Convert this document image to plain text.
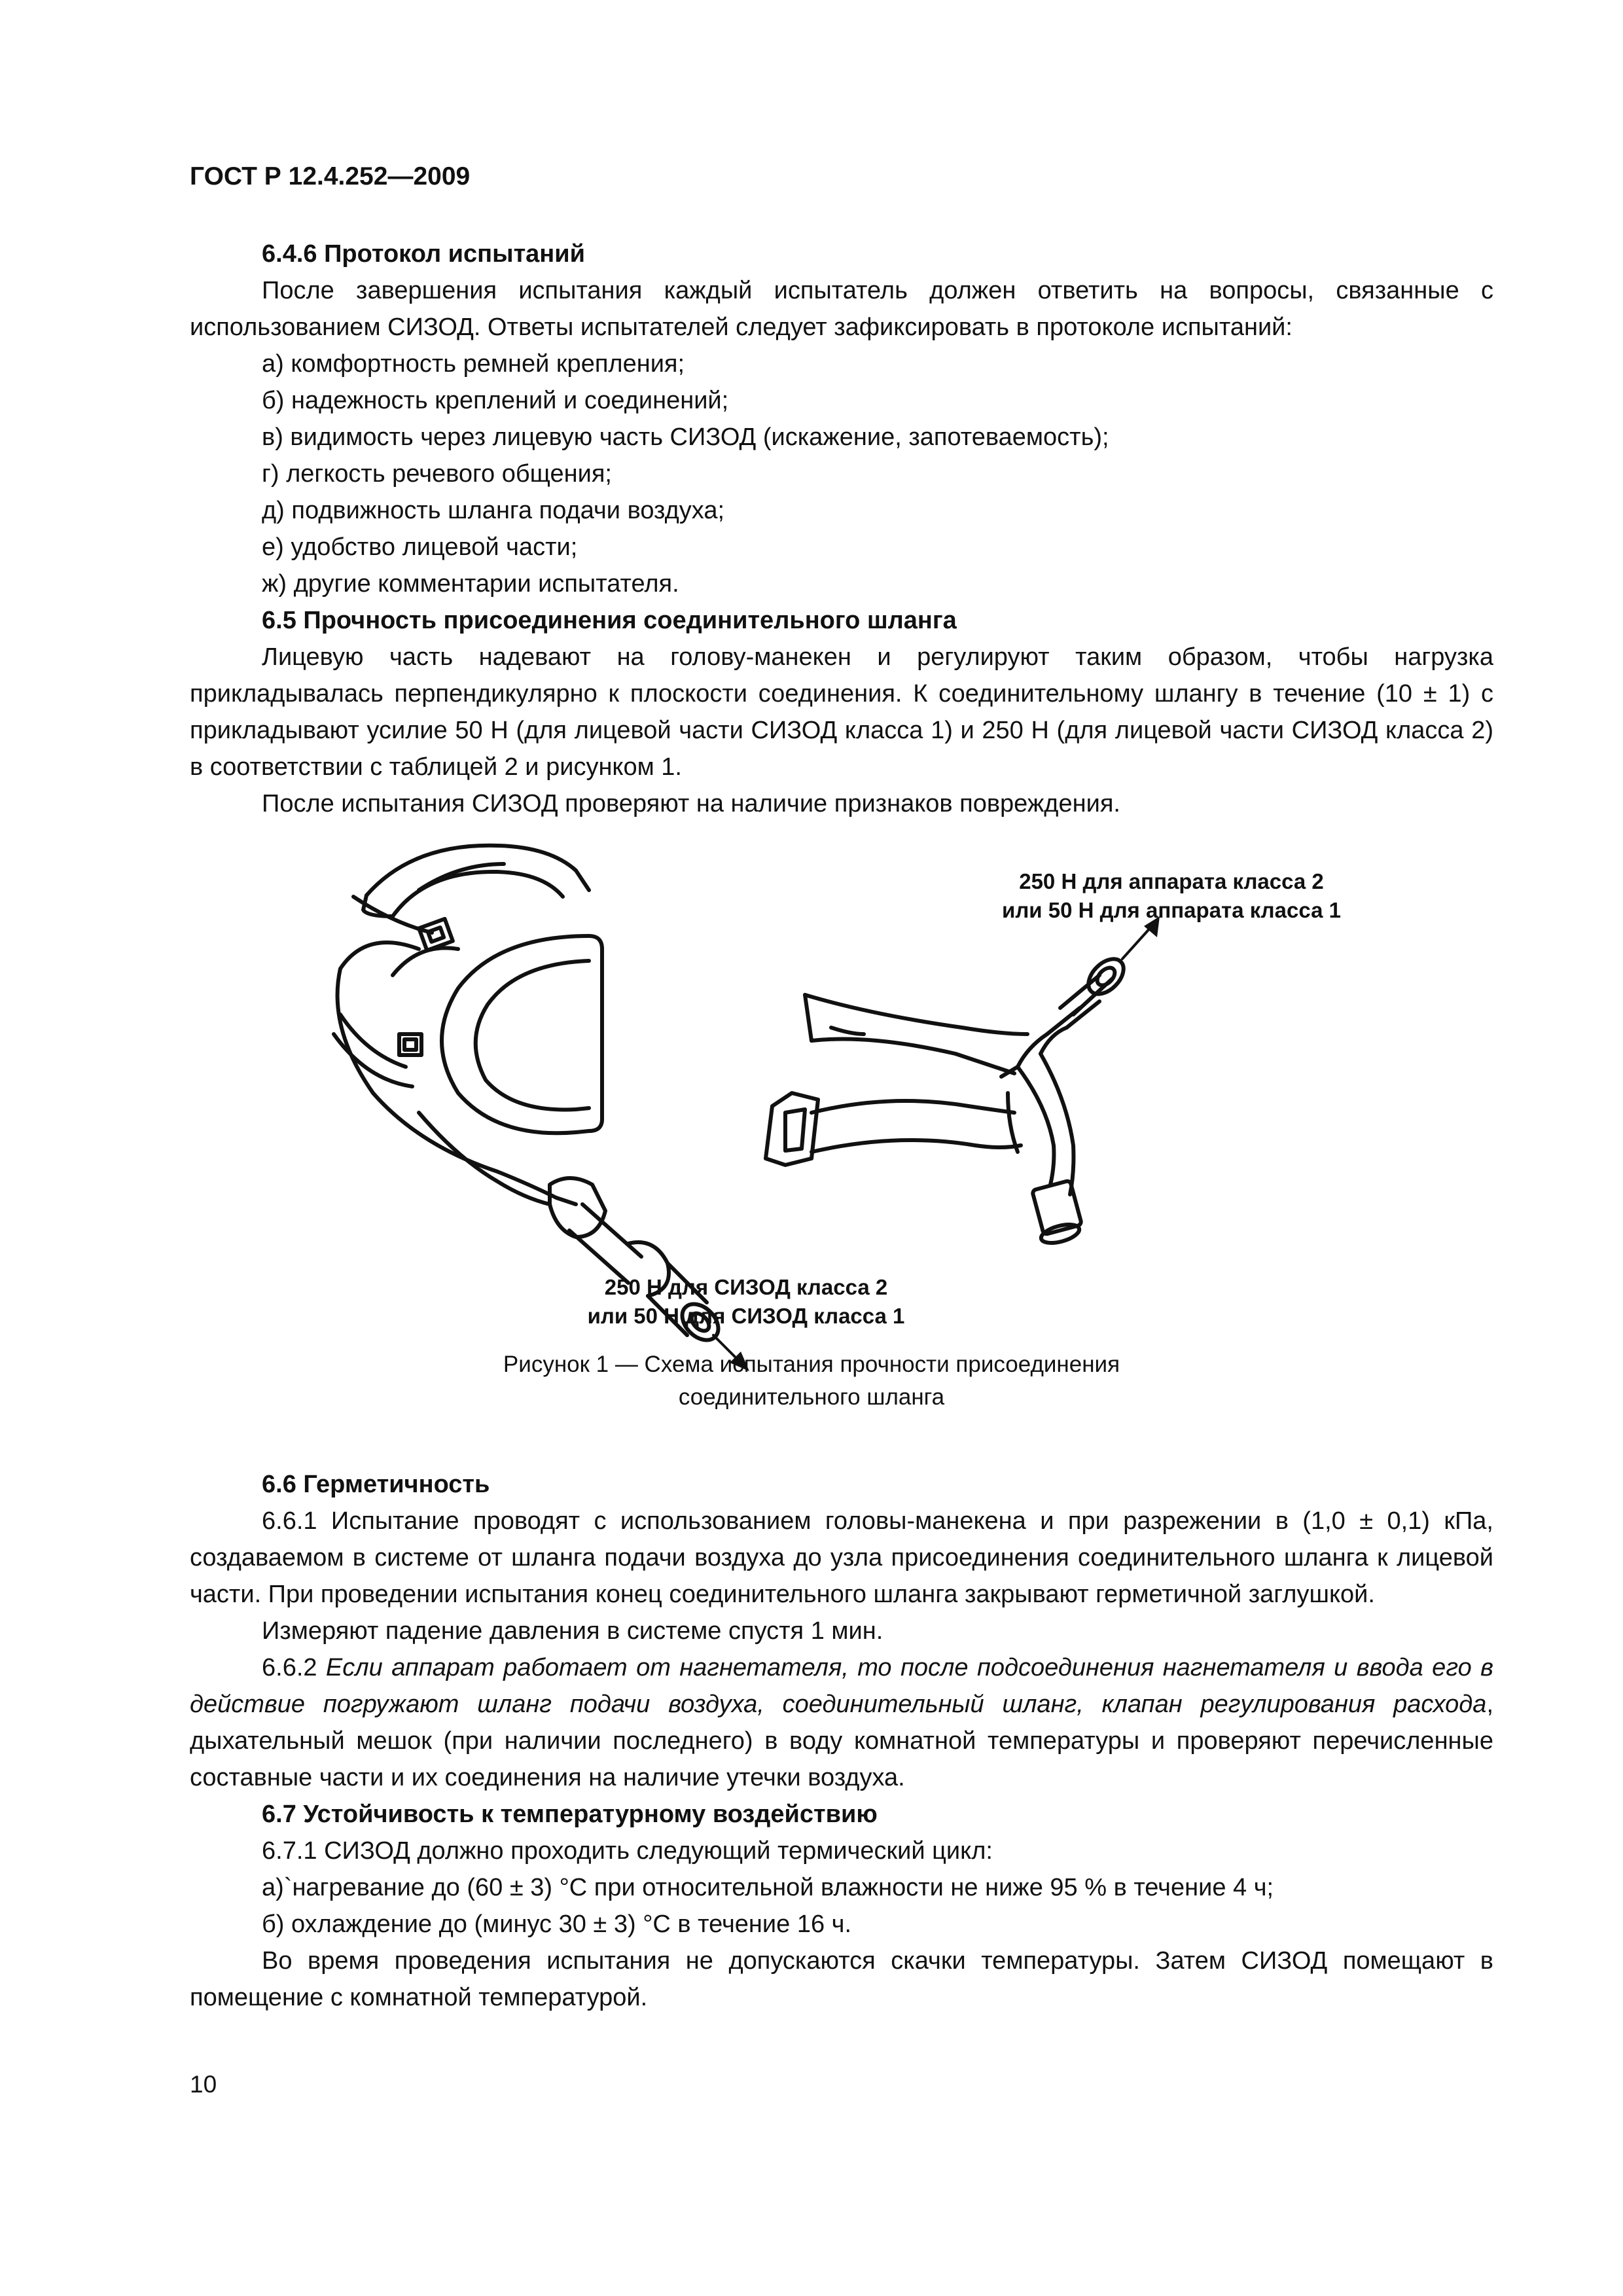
ГОСТ Р 12.4.252—2009
6.4.6 Протокол испытаний
После завершения испытания каждый испытатель должен ответить на вопросы, связанные с использованием СИЗОД. Ответы испытателей следует зафиксировать в протоколе испытаний:
а) комфортность ремней крепления;
б) надежность креплений и соединений;
в) видимость через лицевую часть СИЗОД (искажение, запотеваемость);
г) легкость речевого общения;
д) подвижность шланга подачи воздуха;
е) удобство лицевой части;
ж) другие комментарии испытателя.
6.5 Прочность присоединения соединительного шланга
Лицевую часть надевают на голову-манекен и регулируют таким образом, чтобы нагрузка прикладывалась перпендикулярно к плоскости соединения. К соединительному шлангу в течение (10 ± 1) с прикладывают усилие 50 Н (для лицевой части СИЗОД класса 1) и 250 Н (для лицевой части СИЗОД класса 2) в соответствии с таблицей 2 и рисунком 1.
После испытания СИЗОД проверяют на наличие признаков повреждения.
250 Н для аппарата класса 2
или 50 Н для аппарата класса 1
250 Н для СИЗОД класса 2
или 50 Н для СИЗОД класса 1
Рисунок 1 — Схема испытания прочности присоединения
соединительного шланга
6.6 Герметичность
6.6.1 Испытание проводят с использованием головы-манекена и при разрежении в (1,0 ± 0,1) кПа, создаваемом в системе от шланга подачи воздуха до узла присоединения соединительного шланга к лицевой части. При проведении испытания конец соединительного шланга закрывают герметичной заглушкой.
Измеряют падение давления в системе спустя 1 мин.
6.6.2 Если аппарат работает от нагнетателя, то после подсоединения нагнетателя и ввода его в действие погружают шланг подачи воздуха, соединительный шланг, клапан регулирования расхода, дыхательный мешок (при наличии последнего) в воду комнатной температуры и проверяют перечисленные составные части и их соединения на наличие утечки воздуха.
6.7 Устойчивость к температурному воздействию
6.7.1 СИЗОД должно проходить следующий термический цикл:
а)`нагревание до (60 ± 3) °С при относительной влажности не ниже 95 % в течение 4 ч;
б) охлаждение до (минус 30 ± 3) °С в течение 16 ч.
Во время проведения испытания не допускаются скачки температуры. Затем СИЗОД помещают в помещение с комнатной температурой.
10
